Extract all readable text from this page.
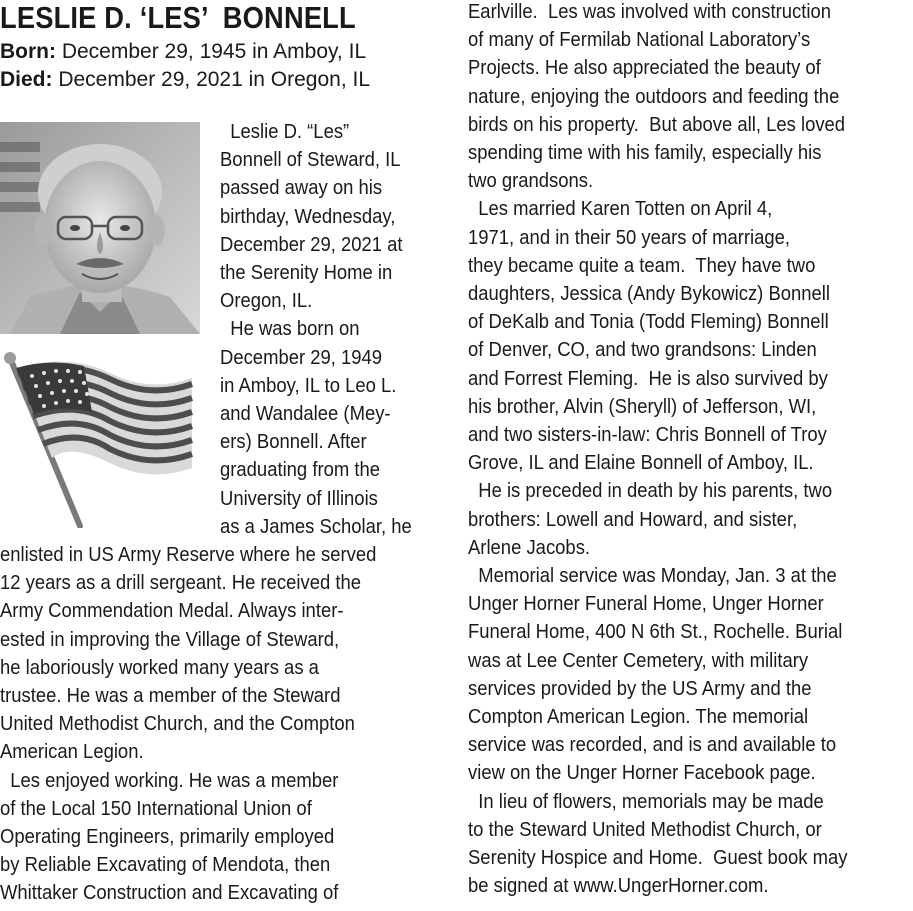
LESLIE D. ‘LES’  BONNELL
Born: December 29, 1945 in Amboy, IL
Died: December 29, 2021 in Oregon, IL
Leslie D. “Les”
Bonnell of Steward, IL
passed away on his
birthday, Wednesday,
December 29, 2021 at
the Serenity Home in
Oregon, IL.
He was born on
December 29, 1949
in Amboy, IL to Leo L.
and Wandalee (Mey-
ers) Bonnell. After
graduating from the
University of Illinois
as a James Scholar, he
enlisted in US Army Reserve where he served
12 years as a drill sergeant. He received the
Army Commendation Medal. Always inter-
ested in improving the Village of Steward,
he laboriously worked many years as a
trustee. He was a member of the Steward
United Methodist Church, and the Compton
American Legion.
Les enjoyed working. He was a member
of the Local 150 International Union of
Operating Engineers, primarily employed
by Reliable Excavating of Mendota, then
Whittaker Construction and Excavating of
Earlville.  Les was involved with construction
of many of Fermilab National Laboratory’s
Projects. He also appreciated the beauty of
nature, enjoying the outdoors and feeding the
birds on his property.  But above all, Les loved
spending time with his family, especially his
two grandsons.
Les married Karen Totten on April 4,
1971, and in their 50 years of marriage,
they became quite a team.  They have two
daughters, Jessica (Andy Bykowicz) Bonnell
of DeKalb and Tonia (Todd Fleming) Bonnell
of Denver, CO, and two grandsons: Linden
and Forrest Fleming.  He is also survived by
his brother, Alvin (Sheryll) of Jefferson, WI,
and two sisters-in-law: Chris Bonnell of Troy
Grove, IL and Elaine Bonnell of Amboy, IL.
He is preceded in death by his parents, two
brothers: Lowell and Howard, and sister,
Arlene Jacobs.
Memorial service was Monday, Jan. 3 at the
Unger Horner Funeral Home, Unger Horner
Funeral Home, 400 N 6th St., Rochelle. Burial
was at Lee Center Cemetery, with military
services provided by the US Army and the
Compton American Legion. The memorial
service was recorded, and is and available to
view on the Unger Horner Facebook page.
In lieu of flowers, memorials may be made
to the Steward United Methodist Church, or
Serenity Hospice and Home.  Guest book may
be signed at www.UngerHorner.com.
